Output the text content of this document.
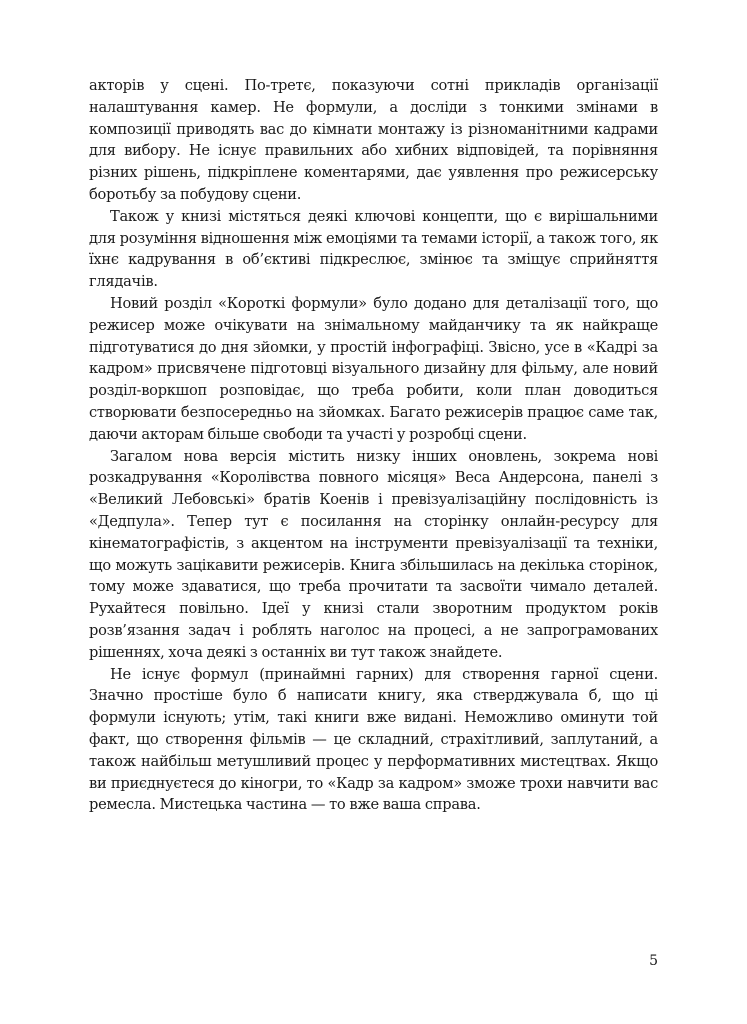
акторів у сцені. По-третє, показуючи сотні прикладів організації налаштування камер. Не формули, а досліди з тонкими змінами в композиції приводять вас до кімнати монтажу із різноманітними кадрами для вибору. Не існує правильних або хибних відповідей, та порівняння різних рішень, підкріплене коментарями, дає уявлення про режисерську боротьбу за побудову сцени.

Також у книзі містяться деякі ключові концепти, що є вирішальними для розуміння відношення між емоціями та темами історії, а також того, як їхнє кадрування в об’єктиві підкреслює, змінює та зміщує сприйняття глядачів.

Новий розділ «Короткі формули» було додано для деталізації того, що режисер може очікувати на знімальному майданчику та як найкраще підготуватися до дня зйомки, у простій інфографіці. Звісно, усе в «Кадрі за кадром» присвячене підготовці візуального дизайну для фільму, але новий розділ-воркшоп розповідає, що треба робити, коли план доводиться створювати безпосередньо на зйомках. Багато режисерів працює саме так, даючи акторам більше свободи та участі у розробці сцени.

Загалом нова версія містить низку інших оновлень, зокрема нові розкадрування «Королівства повного місяця» Веса Андерсона, панелі з «Великий Лебовські» братів Коенів і превізуалізаційну послідовність із «Дедпула». Тепер тут є посилання на сторінку онлайн-ресурсу для кінематографістів, з акцентом на інструменти превізуалізації та техніки, що можуть зацікавити режисерів. Книга збільшилась на декілька сторінок, тому може здаватися, що треба прочитати та засвоїти чимало деталей. Рухайтеся повільно. Ідеї у книзі стали зворотним продуктом років розв’язання задач і роблять наголос на процесі, а не запрограмованих рішеннях, хоча деякі з останніх ви тут також знайдете.

Не існує формул (принаймні гарних) для створення гарної сцени. Значно простіше було б написати книгу, яка стверджувала б, що ці формули існують; утім, такі книги вже видані. Неможливо оминути той факт, що створення фільмів — це складний, страхітливий, заплутаний, а також найбільш метушливий процес у перформативних мистецтвах. Якщо ви приєднуєтеся до кіногри, то «Кадр за кадром» зможе трохи навчити вас ремесла. Мистецька частина — то вже ваша справа.

5
